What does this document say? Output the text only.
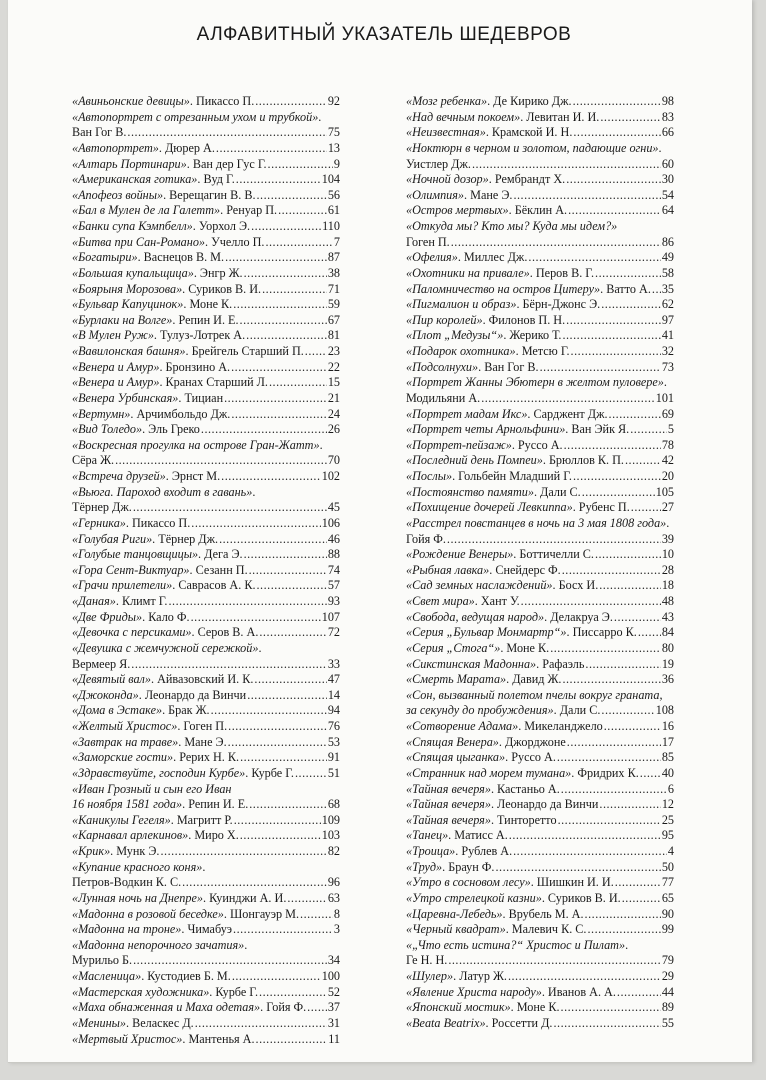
АЛФАВИТНЫЙ УКАЗАТЕЛЬ ШЕДЕВРОВ
«Авиньонские девицы». Пикассо П. .....	92
«Автопортрет с отрезанным ухом и трубкой».
Ван Гог В. .....	75
«Автопортрет». Дюрер А. .....	13
«Алтарь Портинари». Ван дер Гус Г. .....	9
«Американская готика». Вуд Г. .....	104
«Апофеоз войны». Верещагин В. В. .....	56
«Бал в Мулен де ла Галетт». Ренуар П. .....	61
«Банки супа Кэмпбелл». Уорхол Э. .....	110
«Битва при Сан-Романо». Учелло П. .....	7
«Богатыри». Васнецов В. М. .....	87
«Большая купальщица». Энгр Ж. .....	38
«Боярыня Морозова». Суриков В. И. .....	71
«Бульвар Капуцинок». Моне К. .....	59
«Бурлаки на Волге». Репин И. Е. .....	67
«В Мулен Руж». Тулуз-Лотрек А. .....	81
«Вавилонская башня». Брейгель Старший П. ..... 23
«Венера и Амур». Бронзино А. .....	22
«Венера и Амур». Кранах Старший Л. .....	15
«Венера Урбинская». Тициан .....	21
«Вертумн». Арчимбольдо Дж. .....	24
«Вид Толедо». Эль Греко .....	26
«Воскресная прогулка на острове Гран-Жатт».
Сёра Ж. .....	70
«Встреча друзей». Эрнст М. .....	102
«Вьюга. Пароход входит в гавань».
Тёрнер Дж. .....	45
«Герника». Пикассо П. .....	106
«Голубая Риги». Тёрнер Дж. .....	46
«Голубые танцовщицы». Дега Э. .....	88
«Гора Сент-Виктуар». Сезанн П. .....	74
«Грачи прилетели». Саврасов А. К. .....	57
«Даная». Климт Г. .....	93
«Две Фриды». Кало Ф. .....	107
«Девочка с персиками». Серов В. А. .....	72
«Девушка с жемчужной сережкой».
Вермеер Я. .....	33
«Девятый вал». Айвазовский И. К. .....	47
«Джоконда». Леонардо да Винчи .....	14
«Дома в Эстаке». Брак Ж. .....	94
«Желтый Христос». Гоген П. .....	76
«Завтрак на траве». Мане Э. .....	53
«Заморские гости». Рерих Н. К. .....	91
«Здравствуйте, господин Курбе». Курбе Г. .....	51
«Иван Грозный и сын его Иван
16 ноября 1581 года». Репин И. Е. .....	68
«Каникулы Гегеля». Магритт Р. .....	109
«Карнавал арлекинов». Миро Х. .....	103
«Крик». Мунк Э. .....	82
«Купание красного коня».
Петров-Водкин К. С. .....	96
«Лунная ночь на Днепре». Куинджи А. И. .....	63
«Мадонна в розовой беседке». Шонгауэр М. .....	8
«Мадонна на троне». Чимабуэ .....	3
«Мадонна непорочного зачатия».
Мурильо Б. .....	34
«Масленица». Кустодиев Б. М. .....	100
«Мастерская художника». Курбе Г. .....	52
«Маха обнаженная и Маха одетая». Гойя Ф. ..... 37
«Менины». Веласкес Д. .....	31
«Мертвый Христос». Мантенья А. .....	11
«Мозг ребенка». Де Кирико Дж. .....	98
«Над вечным покоем». Левитан И. И. .....	83
«Неизвестная». Крамской И. Н. .....	66
«Ноктюрн в черном и золотом, падающие огни».
Уистлер Дж. .....	60
«Ночной дозор». Рембрандт Х. .....	30
«Олимпия». Мане Э. .....	54
«Остров мертвых». Бёклин А. .....	64
«Откуда мы? Кто мы? Куда мы идем?»
Гоген П. .....	86
«Офелия». Миллес Дж. .....	49
«Охотники на привале». Перов В. Г. .....	58
«Паломничество на остров Цитеру». Ватто А. ..... 35
«Пигмалион и образ». Бёрн-Джонс Э. .....	62
«Пир королей». Филонов П. Н. .....	97
«Плот „Медузы“». Жерико Т. .....	41
«Подарок охотника». Метсю Г. .....	32
«Подсолнухи». Ван Гог В. .....	73
«Портрет Жанны Эбютерн в желтом пуловере».
Модильяни А. .....	101
«Портрет мадам Икс». Сарджент Дж. .....	69
«Портрет четы Арнольфини». Ван Эйк Я. .....	5
«Портрет-пейзаж». Руссо А. .....	78
«Последний день Помпеи». Брюллов К. П. .....	42
«Послы». Гольбейн Младший Г. .....	20
«Постоянство памяти». Дали С. .....	105
«Похищение дочерей Левкиппа». Рубенс П. .....	27
«Расстрел повстанцев в ночь на 3 мая 1808 года».
Гойя Ф. .....	39
«Рождение Венеры». Боттичелли С. .....	10
«Рыбная лавка». Снейдерс Ф. .....	28
«Сад земных наслаждений». Босх И. .....	18
«Свет мира». Хант У. .....	48
«Свобода, ведущая народ». Делакруа Э. .....	43
«Серия „Бульвар Монмартр“». Писсарро К. ..... 84
«Серия „Стога“». Моне К. .....	80
«Сикстинская Мадонна». Рафаэль .....	19
«Смерть Марата». Давид Ж. .....	36
«Сон, вызванный полетом пчелы вокруг граната,
за секунду до пробуждения». Дали С. .....	108
«Сотворение Адама». Микеланджело .....	16
«Спящая Венера». Джорджоне .....	17
«Спящая цыганка». Руссо А. .....	85
«Странник над морем тумана». Фридрих К. ..... 40
«Тайная вечеря». Кастаньо А. .....	6
«Тайная вечеря». Леонардо да Винчи .....	12
«Тайная вечеря». Тинторетто .....	25
«Танец». Матисс А. .....	95
«Троица». Рублев А. .....	4
«Труд». Браун Ф. .....	50
«Утро в сосновом лесу». Шишкин И. И. .....	77
«Утро стрелецкой казни». Суриков В. И. .....	65
«Царевна-Лебедь». Врубель М. А. .....	90
«Черный квадрат». Малевич К. С. .....	99
«„Что есть истина?“ Христос и Пилат».
Ге Н. Н. .....	79
«Шулер». Латур Ж. .....	29
«Явление Христа народу». Иванов А. А. .....	44
«Японский мостик». Моне К. .....	89
«Beata Beatrix». Россетти Д. .....	55
